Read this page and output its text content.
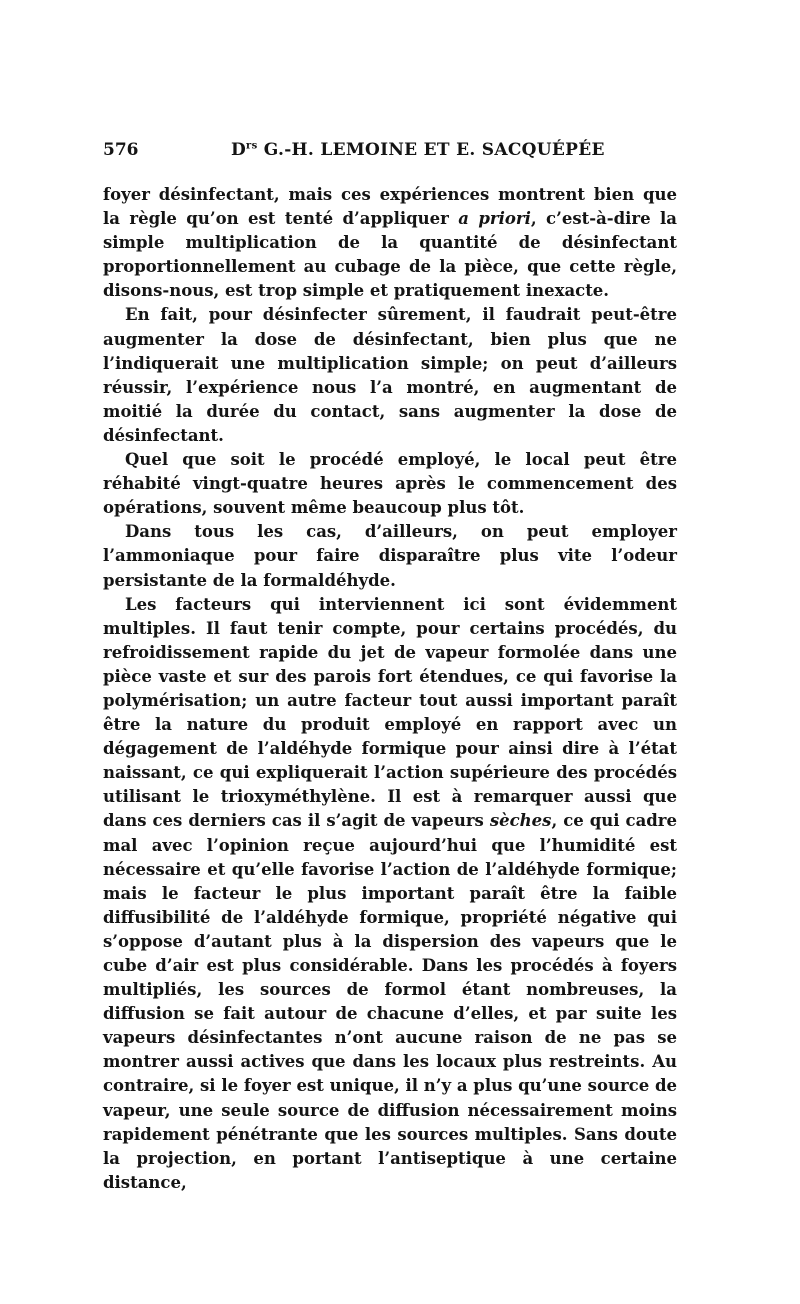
576	$D^{rs}$ G.-H. LEMOINE ET E. SACQUÉPÉE

foyer désinfectant, mais ces expériences montrent bien que la règle qu’on est tenté d’appliquer a priori, c’est-à-dire la simple multiplication de la quantité de désinfectant proportionnellement au cubage de la pièce, que cette règle, disons-nous, est trop simple et pratiquement inexacte.

En fait, pour désinfecter sûrement, il faudrait peut-être augmenter la dose de désinfectant, bien plus que ne l’indiquerait une multiplication simple; on peut d’ailleurs réussir, l’expérience nous l’a montré, en augmentant de moitié la durée du contact, sans augmenter la dose de désinfectant.

Quel que soit le procédé employé, le local peut être réhabité vingt-quatre heures après le commencement des opérations, souvent même beaucoup plus tôt.

Dans tous les cas, d’ailleurs, on peut employer l’ammoniaque pour faire disparaître plus vite l’odeur persistante de la formaldéhyde.

Les facteurs qui interviennent ici sont évidemment multiples. Il faut tenir compte, pour certains procédés, du refroidissement rapide du jet de vapeur formolée dans une pièce vaste et sur des parois fort étendues, ce qui favorise la polymérisation; un autre facteur tout aussi important paraît être la nature du produit employé en rapport avec un dégagement de l’aldéhyde formique pour ainsi dire à l’état naissant, ce qui expliquerait l’action supérieure des procédés utilisant le trioxyméthylène. Il est à remarquer aussi que dans ces derniers cas il s’agit de vapeurs sèches, ce qui cadre mal avec l’opinion reçue aujourd’hui que l’humidité est nécessaire et qu’elle favorise l’action de l’aldéhyde formique; mais le facteur le plus important paraît être la faible diffusibilité de l’aldéhyde formique, propriété négative qui s’oppose d’autant plus à la dispersion des vapeurs que le cube d’air est plus considérable. Dans les procédés à foyers multipliés, les sources de formol étant nombreuses, la diffusion se fait autour de chacune d’elles, et par suite les vapeurs désinfectantes n’ont aucune raison de ne pas se montrer aussi actives que dans les locaux plus restreints. Au contraire, si le foyer est unique, il n’y a plus qu’une source de vapeur, une seule source de diffusion nécessairement moins rapidement pénétrante que les sources multiples. Sans doute la projection, en portant l’antiseptique à une certaine distance,
